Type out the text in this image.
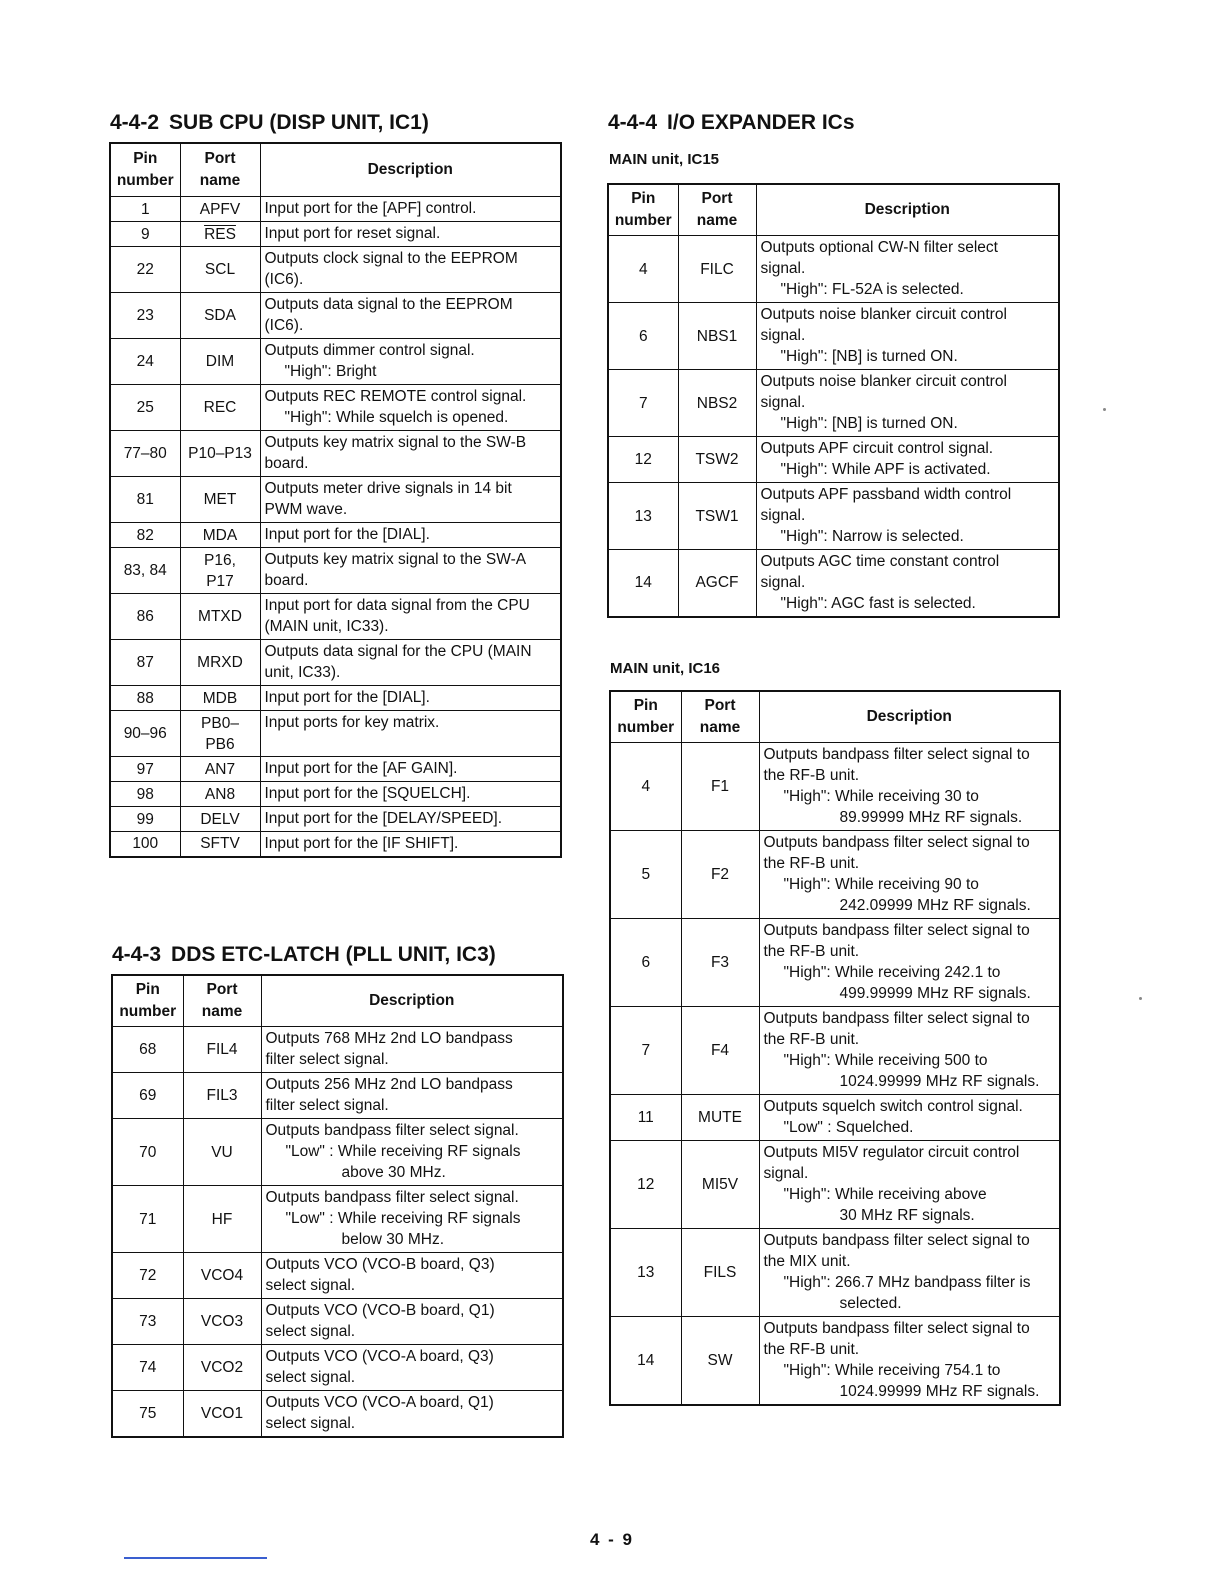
4-4-2 SUB CPU (DISP UNIT, IC1)
Pin
number	Port
name	Description
1	APFV	Input port for the [APF] control.

9	$\overline{RES}$	Input port for reset signal.

22	SCL	Outputs clock signal to the EEPROM
(IC6).

23	SDA	Outputs data signal to the EEPROM
(IC6).

24	DIM	Outputs dimmer control signal.
"High": Bright

25	REC	Outputs REC REMOTE control signal.
"High": While squelch is opened.

77–80	P10–P13	Outputs key matrix signal to the SW-B
board.

81	MET	Outputs meter drive signals in 14 bit
PWM wave.

82	MDA	Input port for the [DIAL].

83, 84	P16,
P17	Outputs key matrix signal to the SW-A
board.

86	MTXD	Input port for data signal from the CPU
(MAIN unit, IC33).

87	MRXD	Outputs data signal for the CPU (MAIN
unit, IC33).

88	MDB	Input port for the [DIAL].

90–96	PB0–
PB6	Input ports for key matrix.

97	AN7	Input port for the [AF GAIN].

98	AN8	Input port for the [SQUELCH].

99	DELV	Input port for the [DELAY/SPEED].

100	SFTV	Input port for the [IF SHIFT].
4-4-3 DDS ETC-LATCH (PLL UNIT, IC3)
Pin
number	Port
name	Description
68	FIL4	Outputs 768 MHz 2nd LO bandpass
filter select signal.

69	FIL3	Outputs 256 MHz 2nd LO bandpass
filter select signal.

70	VU	Outputs bandpass filter select signal.
"Low" : While receiving RF signals
above 30 MHz.

71	HF	Outputs bandpass filter select signal.
"Low" : While receiving RF signals
below 30 MHz.

72	VCO4	Outputs VCO (VCO-B board, Q3)
select signal.

73	VCO3	Outputs VCO (VCO-B board, Q1)
select signal.

74	VCO2	Outputs VCO (VCO-A board, Q3)
select signal.

75	VCO1	Outputs VCO (VCO-A board, Q1)
select signal.
4-4-4 I/O EXPANDER ICs
MAIN unit, IC15
Pin
number	Port
name	Description
4	FILC	Outputs optional CW-N filter select
signal.
"High": FL-52A is selected.

6	NBS1	Outputs noise blanker circuit control
signal.
"High": [NB] is turned ON.

7	NBS2	Outputs noise blanker circuit control
signal.
"High": [NB] is turned ON.

12	TSW2	Outputs APF circuit control signal.
"High": While APF is activated.

13	TSW1	Outputs APF passband width control
signal.
"High": Narrow is selected.

14	AGCF	Outputs AGC time constant control
signal.
"High": AGC fast is selected.
MAIN unit, IC16
Pin
number	Port
name	Description
4	F1	Outputs bandpass filter select signal to
the RF-B unit.
"High": While receiving 30 to
89.99999 MHz RF signals.

5	F2	Outputs bandpass filter select signal to
the RF-B unit.
"High": While receiving 90 to
242.09999 MHz RF signals.

6	F3	Outputs bandpass filter select signal to
the RF-B unit.
"High": While receiving 242.1 to
499.99999 MHz RF signals.

7	F4	Outputs bandpass filter select signal to
the RF-B unit.
"High": While receiving 500 to
1024.99999 MHz RF signals.

11	MUTE	Outputs squelch switch control signal.
"Low" : Squelched.

12	MI5V	Outputs MI5V regulator circuit control
signal.
"High": While receiving above
30 MHz RF signals.

13	FILS	Outputs bandpass filter select signal to
the MIX unit.
"High": 266.7 MHz bandpass filter is
selected.

14	SW	Outputs bandpass filter select signal to
the RF-B unit.
"High": While receiving 754.1 to
1024.99999 MHz RF signals.
4 - 9
